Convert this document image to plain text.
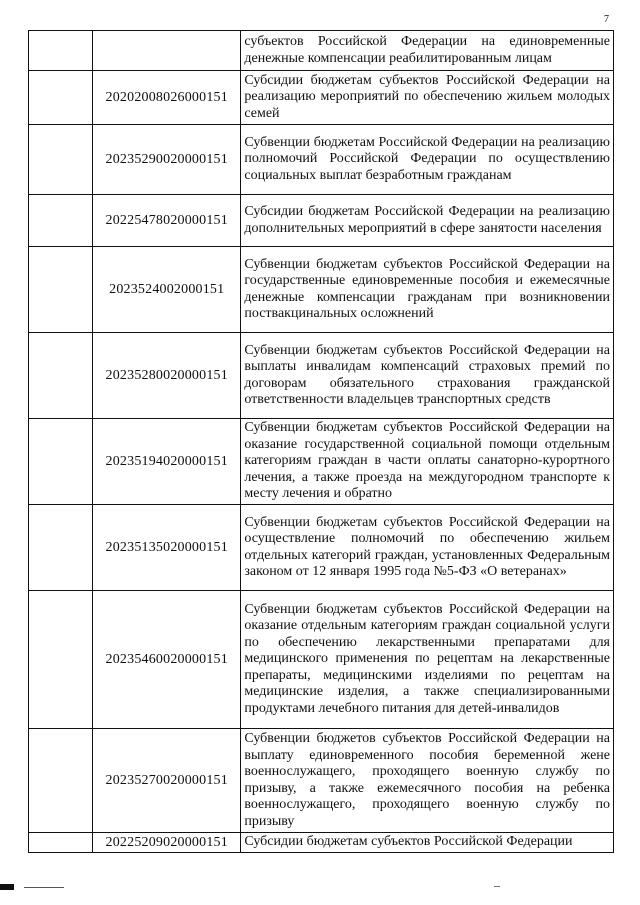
7
		субъектов Российской Федерации на единовременные денежные компенсации реабилитированным лицам
	20202008026000151	Субсидии бюджетам субъектов Российской Федерации на реализацию мероприятий по обеспечению жильем молодых семей
	20235290020000151	Субвенции бюджетам Российской Федерации на реализацию полномочий Российской Федерации по осуществлению социальных выплат безработным гражданам
	20225478020000151	Субсидии бюджетам Российской Федерации на реализацию дополнительных мероприятий в сфере занятости населения
	2023524002000151	Субвенции бюджетам субъектов Российской Федерации на государственные единовременные пособия и ежемесячные денежные компенсации гражданам при возникновении поствакцинальных осложнений
	20235280020000151	Субвенции бюджетам субъектов Российской Федерации на выплаты инвалидам компенсаций страховых премий по договорам обязательного страхования гражданской ответственности владельцев транспортных средств
	20235194020000151	Субвенции бюджетам субъектов Российской Федерации на оказание государственной социальной помощи отдельным категориям граждан в части оплаты санаторно-курортного лечения, а также проезда на междугородном транспорте к месту лечения и обратно
	20235135020000151	Субвенции бюджетам субъектов Российской Федерации на осуществление полномочий по обеспечению жильем отдельных категорий граждан, установленных Федеральным законом от 12 января 1995 года №5-ФЗ «О ветеранах»
	20235460020000151	Субвенции бюджетам субъектов Российской Федерации на оказание отдельным категориям граждан социальной услуги по обеспечению лекарственными препаратами для медицинского применения по рецептам на лекарственные препараты, медицинскими изделиями по рецептам на медицинские изделия, а также специализированными продуктами лечебного питания для детей-инвалидов
	20235270020000151	Субвенции бюджетов субъектов Российской Федерации на выплату единовременного пособия беременной жене военнослужащего, проходящего военную службу по призыву, а также ежемесячного пособия на ребенка военнослужащего, проходящего военную службу по призыву
	20225209020000151	Субсидии бюджетам субъектов Российской Федерации
